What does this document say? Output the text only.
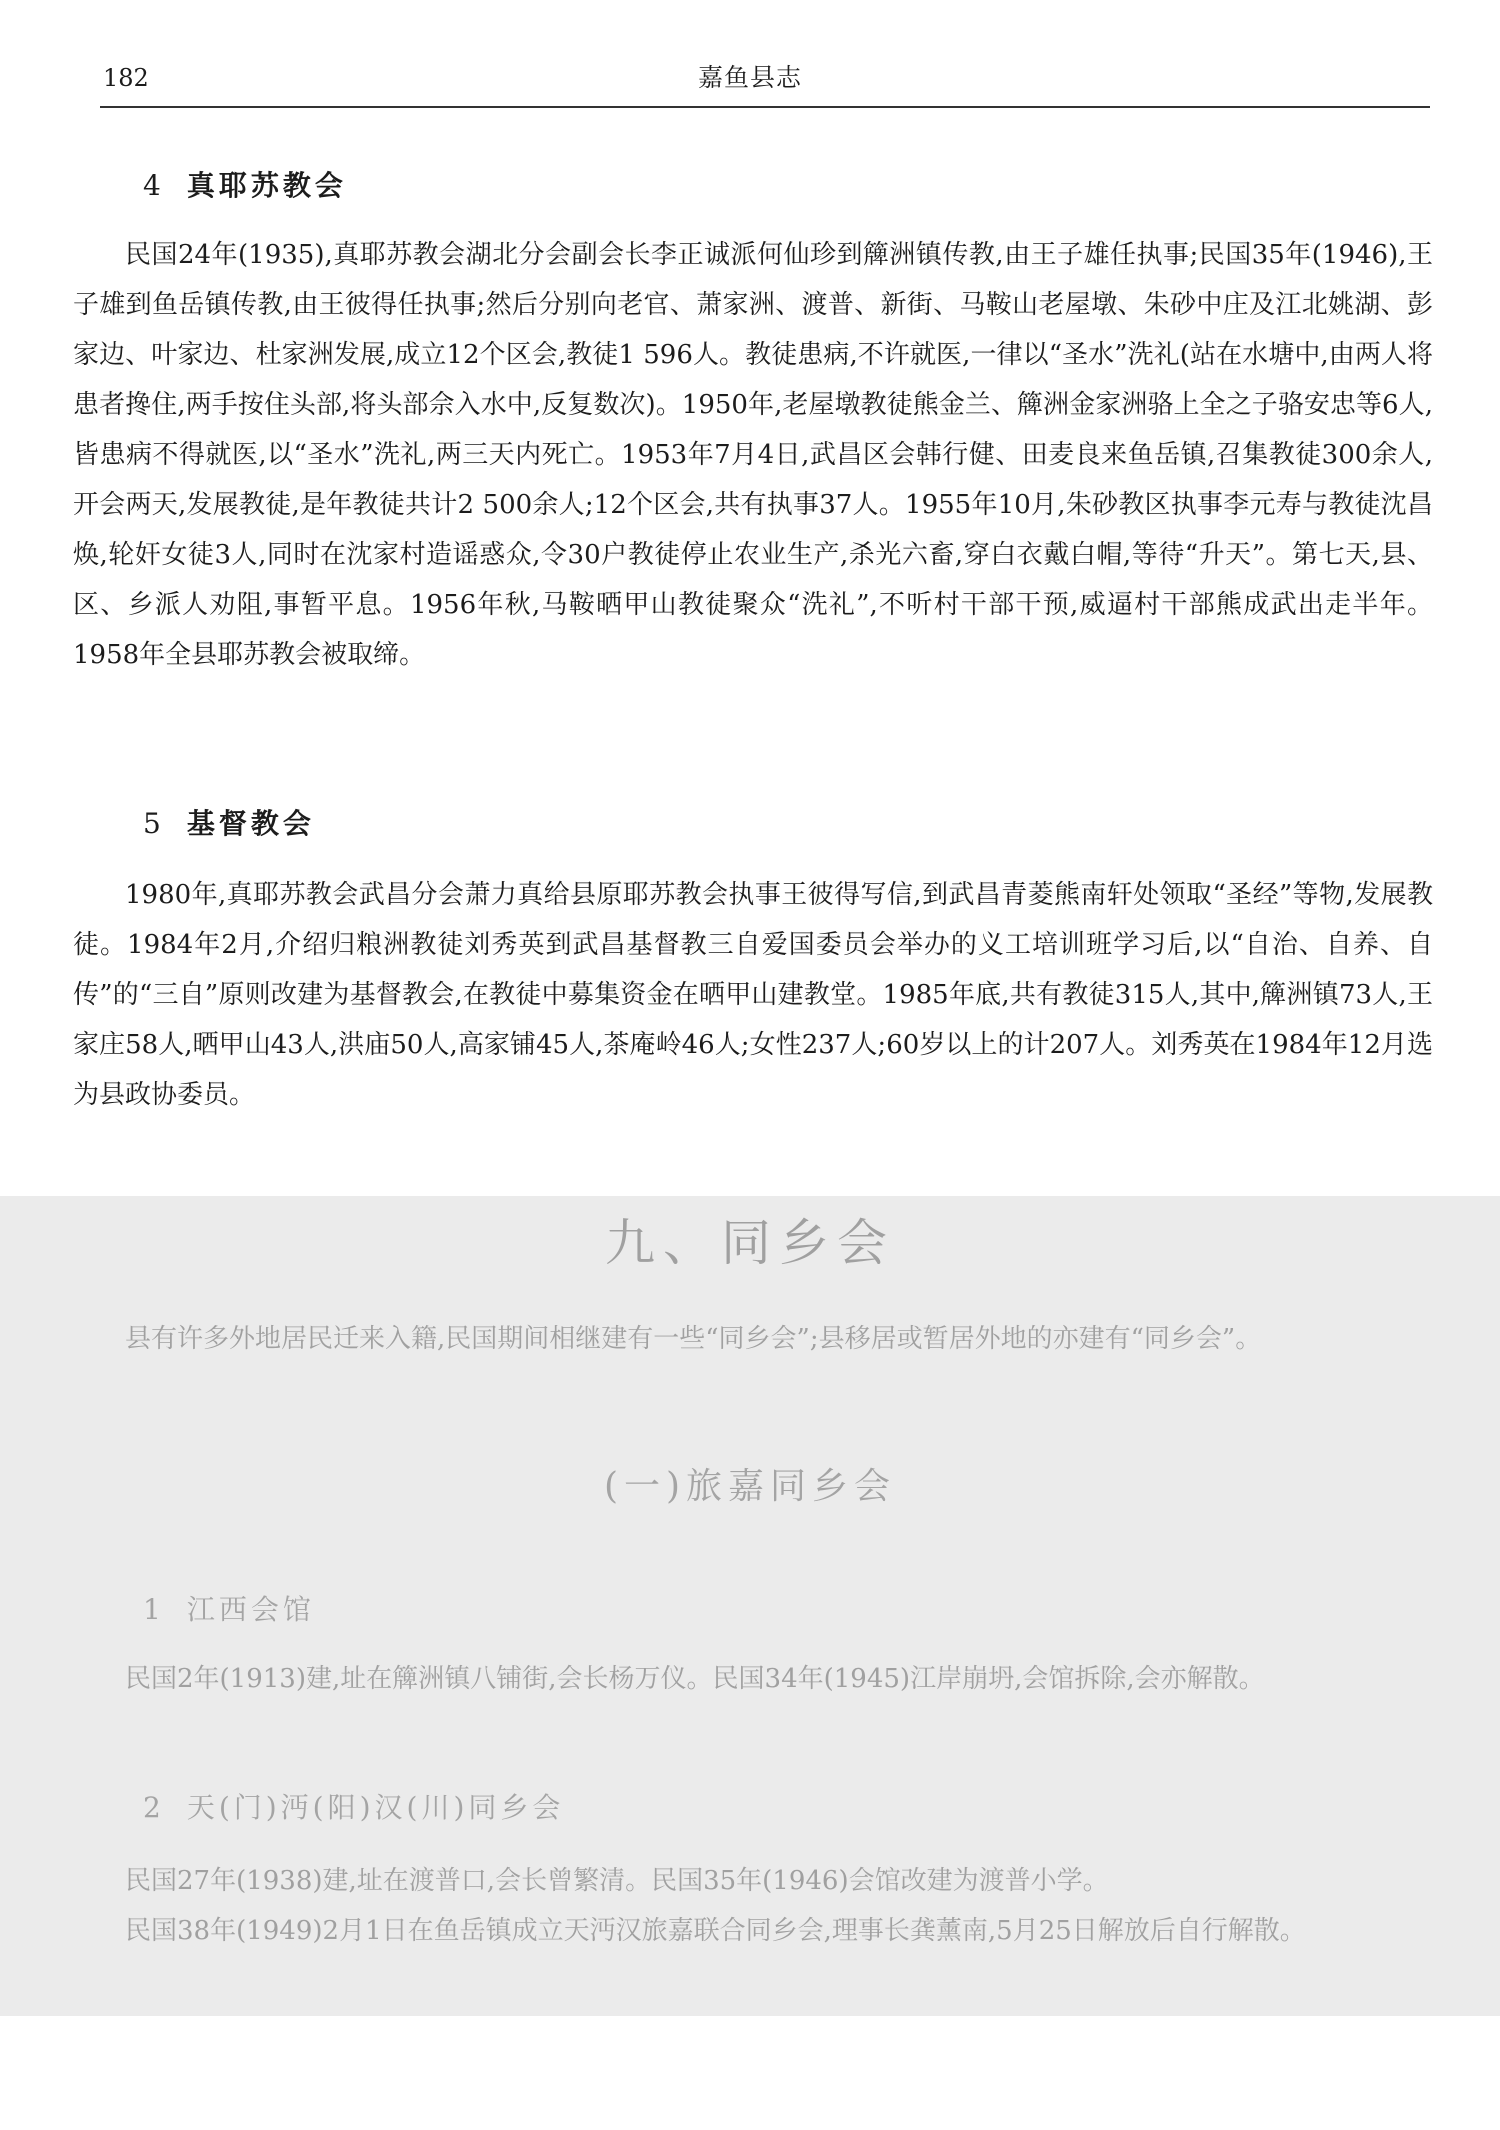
182	嘉鱼县志
4 真耶苏教会

民国24年(1935),真耶苏教会湖北分会副会长李正诚派何仙珍到簰洲镇传教,由王子雄任执事;民国35年(1946),王子雄到鱼岳镇传教,由王彼得任执事;然后分别向老官、萧家洲、渡普、新街、马鞍山老屋墩、朱砂中庄及江北姚湖、彭家边、叶家边、杜家洲发展,成立12个区会,教徒1 596人。教徒患病,不许就医,一律以“圣水”洗礼(站在水塘中,由两人将患者搀住,两手按住头部,将头部佘入水中,反复数次)。1950年,老屋墩教徒熊金兰、簰洲金家洲骆上全之子骆安忠等6人,皆患病不得就医,以“圣水”洗礼,两三天内死亡。1953年7月4日,武昌区会韩行健、田麦良来鱼岳镇,召集教徒300余人,开会两天,发展教徒,是年教徒共计2 500余人;12个区会,共有执事37人。1955年10月,朱砂教区执事李元寿与教徒沈昌焕,轮奸女徒3人,同时在沈家村造谣惑众,令30户教徒停止农业生产,杀光六畜,穿白衣戴白帽,等待“升天”。第七天,县、区、乡派人劝阻,事暂平息。1956年秋,马鞍晒甲山教徒聚众“洗礼”,不听村干部干预,威逼村干部熊成武出走半年。1958年全县耶苏教会被取缔。

5 基督教会

1980年,真耶苏教会武昌分会萧力真给县原耶苏教会执事王彼得写信,到武昌青菱熊南轩处领取“圣经”等物,发展教徒。1984年2月,介绍归粮洲教徒刘秀英到武昌基督教三自爱国委员会举办的义工培训班学习后,以“自治、自养、自传”的“三自”原则改建为基督教会,在教徒中募集资金在晒甲山建教堂。1985年底,共有教徒315人,其中,簰洲镇73人,王家庄58人,晒甲山43人,洪庙50人,高家铺45人,茶庵岭46人;女性237人;60岁以上的计207人。刘秀英在1984年12月选为县政协委员。

九、同乡会

县有许多外地居民迁来入籍,民国期间相继建有一些“同乡会”;县移居或暂居外地的亦建有“同乡会”。

(一)旅嘉同乡会
1 江西会馆

民国2年(1913)建,址在簰洲镇八铺街,会长杨万仪。民国34年(1945)江岸崩坍,会馆拆除,会亦解散。

2 天(门)沔(阳)汉(川)同乡会

民国27年(1938)建,址在渡普口,会长曾繁清。民国35年(1946)会馆改建为渡普小学。

民国38年(1949)2月1日在鱼岳镇成立天沔汉旅嘉联合同乡会,理事长龚薰南,5月25日解放后自行解散。
